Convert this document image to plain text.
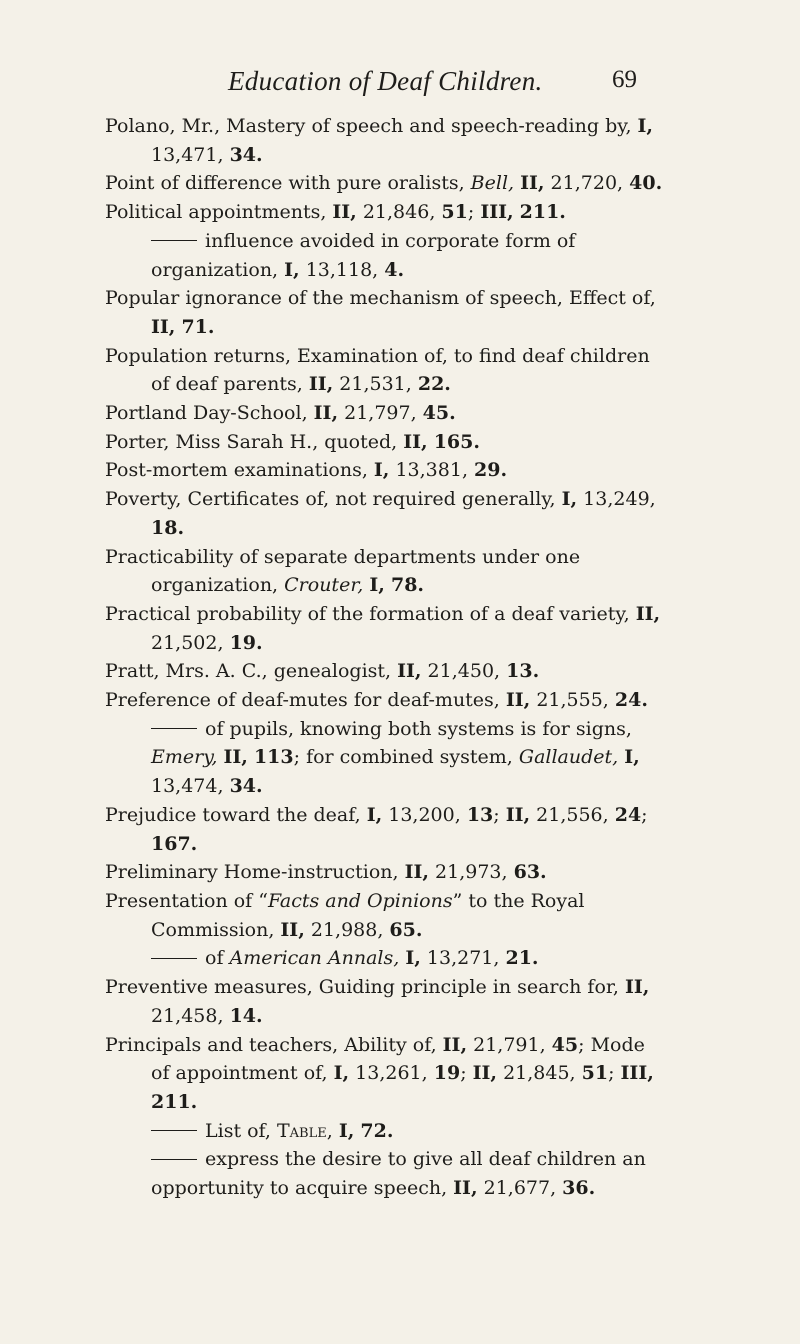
Education of Deaf Children.	69
Polano, Mr., Mastery of speech and speech-reading by, I, 13,471, 34.
Point of difference with pure oralists, Bell, II, 21,720, 40.
Political appointments, II, 21,846, 51; III, 211.
influence avoided in corporate form of organization, I, 13,118, 4.
Popular ignorance of the mechanism of speech, Effect of, II, 71.
Population returns, Examination of, to find deaf children of deaf parents, II, 21,531, 22.
Portland Day-School, II, 21,797, 45.
Porter, Miss Sarah H., quoted, II, 165.
Post-mortem examinations, I, 13,381, 29.
Poverty, Certificates of, not required generally, I, 13,249, 18.
Practicability of separate departments under one organization, Crouter, I, 78.
Practical probability of the formation of a deaf variety, II, 21,502, 19.
Pratt, Mrs. A. C., genealogist, II, 21,450, 13.
Preference of deaf-mutes for deaf-mutes, II, 21,555, 24.
of pupils, knowing both systems is for signs, Emery, II, 113; for combined system, Gallaudet, I, 13,474, 34.
Prejudice toward the deaf, I, 13,200, 13; II, 21,556, 24; 167.
Preliminary Home-instruction, II, 21,973, 63.
Presentation of “Facts and Opinions” to the Royal Commission, II, 21,988, 65.
of American Annals, I, 13,271, 21.
Preventive measures, Guiding principle in search for, II, 21,458, 14.
Principals and teachers, Ability of, II, 21,791, 45; Mode of appointment of, I, 13,261, 19; II, 21,845, 51; III, 211.
List of, Table, I, 72.
express the desire to give all deaf children an opportunity to acquire speech, II, 21,677, 36.
